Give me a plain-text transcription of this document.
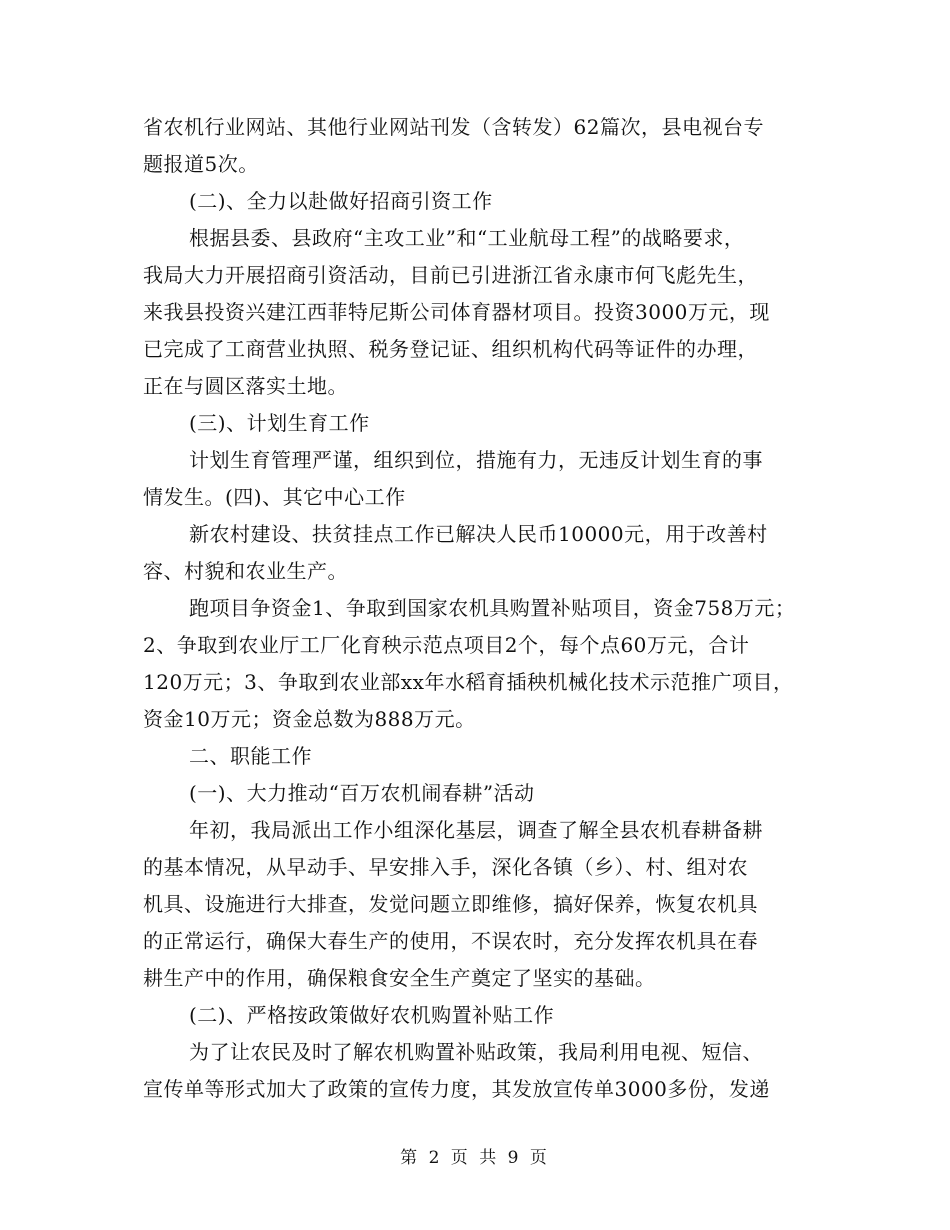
省农机行业网站、其他行业网站刊发（含转发）62篇次，县电视台专
题报道5次。
(二)、全力以赴做好招商引资工作
根据县委、县政府“主攻工业”和“工业航母工程”的战略要求，
我局大力开展招商引资活动，目前已引进浙江省永康市何飞彪先生，
来我县投资兴建江西菲特尼斯公司体育器材项目。投资3000万元，现
已完成了工商营业执照、税务登记证、组织机构代码等证件的办理，
正在与圆区落实土地。
(三)、计划生育工作
计划生育管理严谨，组织到位，措施有力，无违反计划生育的事
情发生。(四)、其它中心工作
新农村建设、扶贫挂点工作已解决人民币10000元，用于改善村
容、村貌和农业生产。
跑项目争资金1、争取到国家农机具购置补贴项目，资金758万元；
2、争取到农业厅工厂化育秧示范点项目2个，每个点60万元，合计
120万元；3、争取到农业部xx年水稻育插秧机械化技术示范推广项目，
资金10万元；资金总数为888万元。
二、职能工作
(一)、大力推动“百万农机闹春耕”活动
年初，我局派出工作小组深化基层，调查了解全县农机春耕备耕
的基本情况，从早动手、早安排入手，深化各镇（乡）、村、组对农
机具、设施进行大排查，发觉问题立即维修，搞好保养，恢复农机具
的正常运行，确保大春生产的使用，不误农时，充分发挥农机具在春
耕生产中的作用，确保粮食安全生产奠定了坚实的基础。
(二)、严格按政策做好农机购置补贴工作
为了让农民及时了解农机购置补贴政策，我局利用电视、短信、
宣传单等形式加大了政策的宣传力度，其发放宣传单3000多份，发递
第 2 页 共 9 页
